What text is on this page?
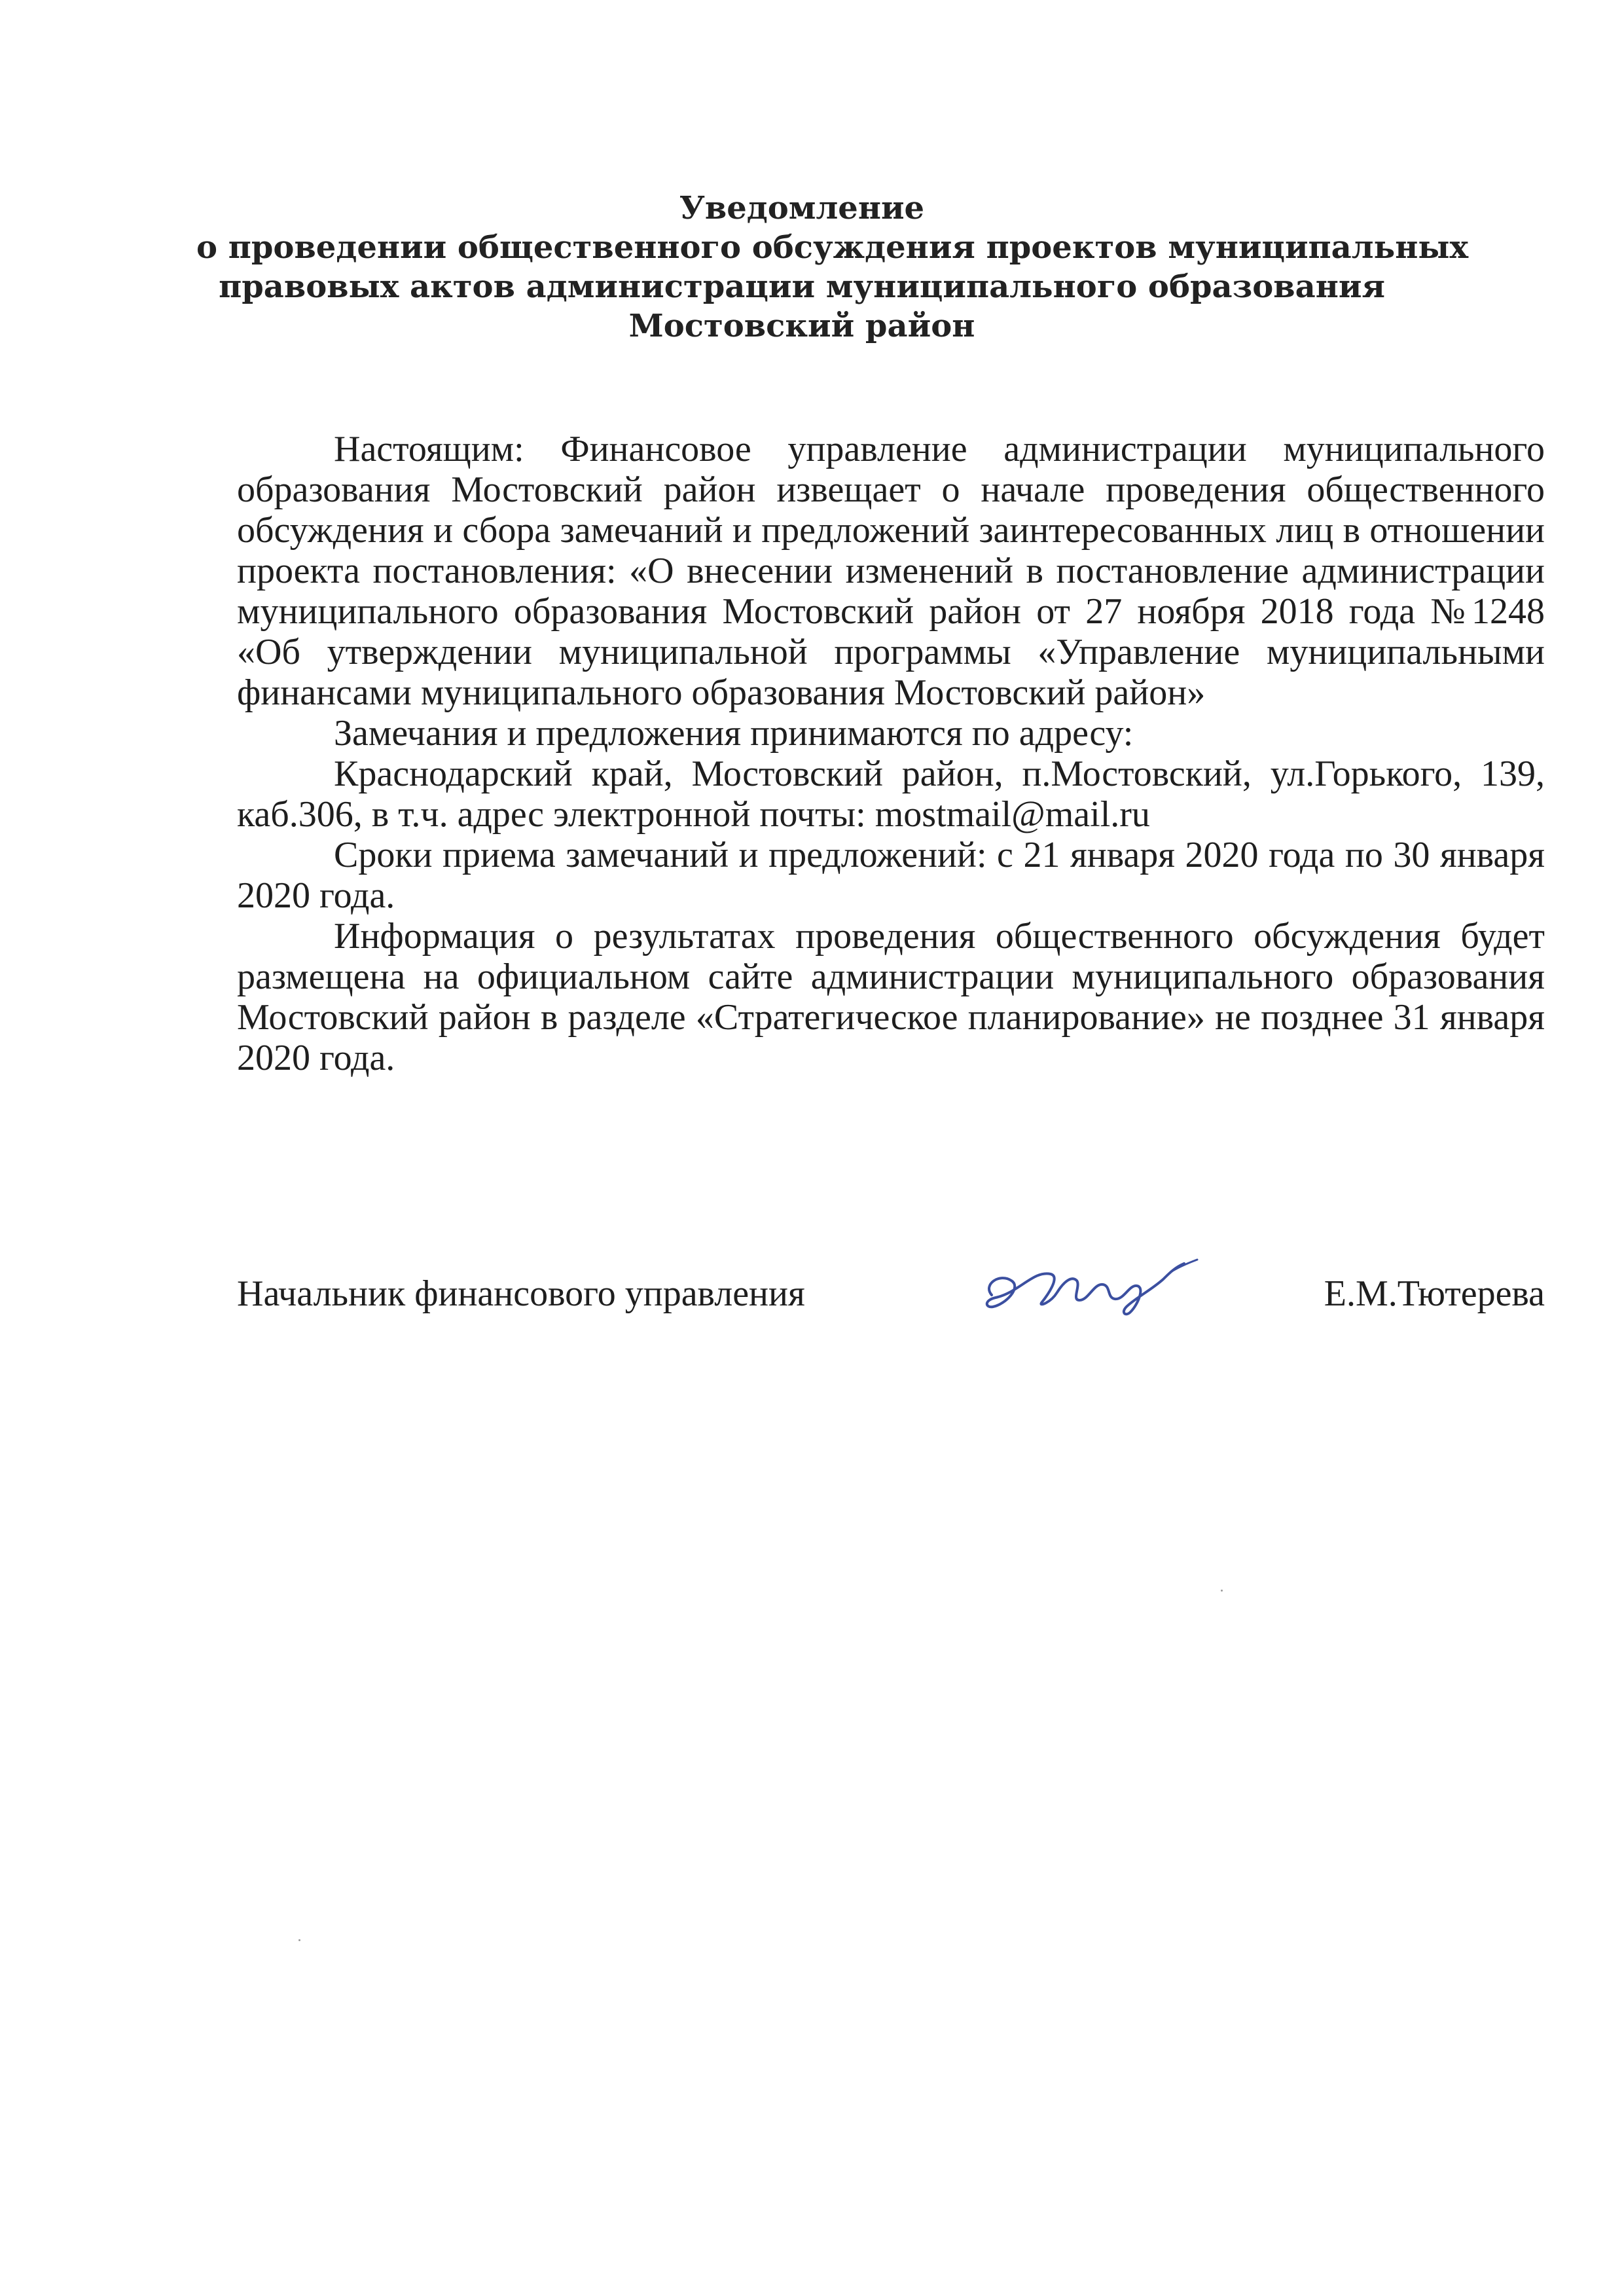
Уведомление
о проведении общественного обсуждения проектов муниципальных
правовых актов администрации муниципального образования
Мостовский район

Настоящим: Финансовое управление администрации муниципального образования Мостовский район извещает о начале проведения общественного обсуждения и сбора замечаний и предложений заинтересованных лиц в отношении проекта постановления: «О внесении изменений в постановление администрации муниципального образования Мостовский район от 27 ноября 2018 года №1248 «Об утверждении муниципальной программы «Управление муниципальными финансами муниципального образования Мостовский район»

Замечания и предложения принимаются по адресу:

Краснодарский край, Мостовский район, п.Мостовский, ул.Горького, 139, каб.306, в т.ч. адрес электронной почты: mostmail@mail.ru

Сроки приема замечаний и предложений: с 21 января 2020 года по 30 января 2020 года.

Информация о результатах проведения общественного обсуждения будет размещена на официальном сайте администрации муниципального образования Мостовский район в разделе «Стратегическое планирование» не позднее 31 января 2020 года.

Начальник финансового управления	Е.М.Тютерева
